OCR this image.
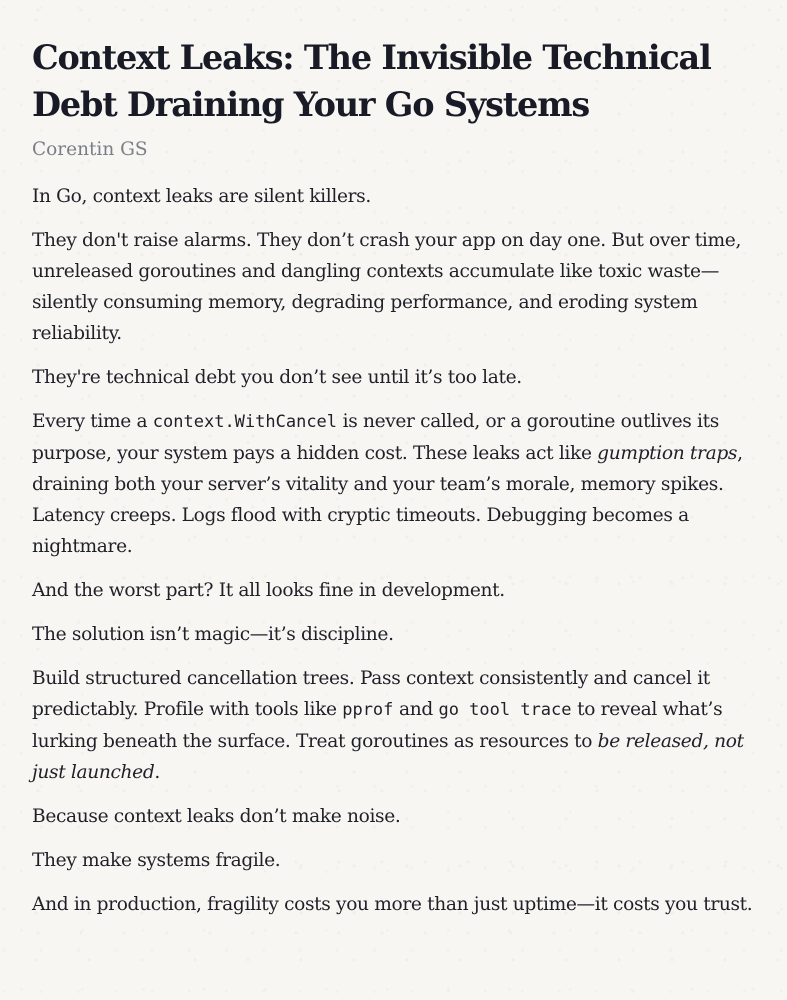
Context Leaks: The Invisible Technical Debt Draining Your Go Systems
Corentin GS

In Go, context leaks are silent killers.

They don't raise alarms. They don’t crash your app on day one. But over time, unreleased goroutines and dangling contexts accumulate like toxic waste—silently consuming memory, degrading performance, and eroding system reliability.

They're technical debt you don’t see until it’s too late.

Every time a context.WithCancel is never called, or a goroutine outlives its purpose, your system pays a hidden cost. These leaks act like gumption traps, draining both your server’s vitality and your team’s morale, memory spikes. Latency creeps. Logs flood with cryptic timeouts. Debugging becomes a nightmare.

And the worst part? It all looks fine in development.

The solution isn’t magic—it’s discipline.

Build structured cancellation trees. Pass context consistently and cancel it predictably. Profile with tools like pprof and go tool trace to reveal what’s lurking beneath the surface. Treat goroutines as resources to be released, not just launched.

Because context leaks don’t make noise.

They make systems fragile.

And in production, fragility costs you more than just uptime—it costs you trust.
